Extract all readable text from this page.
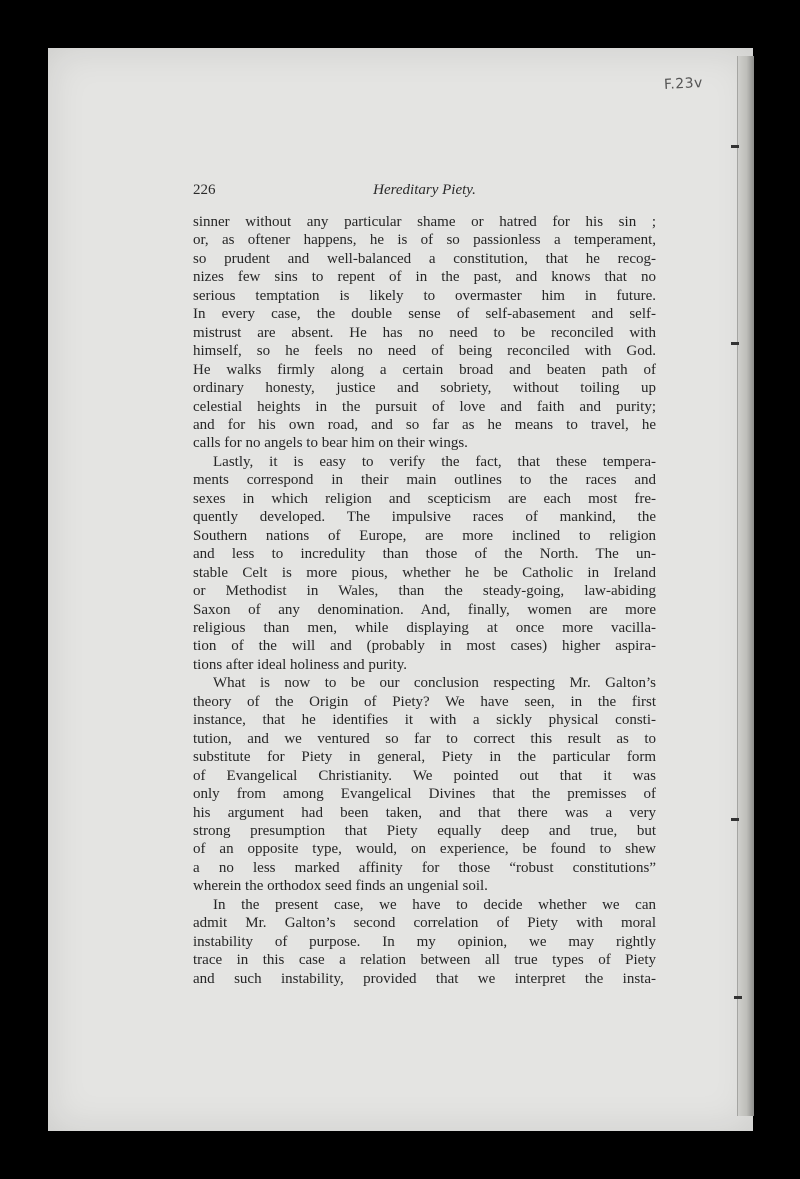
F.23v
226	Hereditary Piety.
sinner without any particular shame or hatred for his sin ;
or, as oftener happens, he is of so passionless a temperament,
so prudent and well-balanced a constitution, that he recog-
nizes few sins to repent of in the past, and knows that no
serious temptation is likely to overmaster him in future.
In every case, the double sense of self-abasement and self-
mistrust are absent. He has no need to be reconciled with
himself, so he feels no need of being reconciled with God.
He walks firmly along a certain broad and beaten path of
ordinary honesty, justice and sobriety, without toiling up
celestial heights in the pursuit of love and faith and purity;
and for his own road, and so far as he means to travel, he
calls for no angels to bear him on their wings.
Lastly, it is easy to verify the fact, that these tempera-
ments correspond in their main outlines to the races and
sexes in which religion and scepticism are each most fre-
quently developed. The impulsive races of mankind, the
Southern nations of Europe, are more inclined to religion
and less to incredulity than those of the North. The un-
stable Celt is more pious, whether he be Catholic in Ireland
or Methodist in Wales, than the steady-going, law-abiding
Saxon of any denomination. And, finally, women are more
religious than men, while displaying at once more vacilla-
tion of the will and (probably in most cases) higher aspira-
tions after ideal holiness and purity.
What is now to be our conclusion respecting Mr. Galton’s
theory of the Origin of Piety? We have seen, in the first
instance, that he identifies it with a sickly physical consti-
tution, and we ventured so far to correct this result as to
substitute for Piety in general, Piety in the particular form
of Evangelical Christianity. We pointed out that it was
only from among Evangelical Divines that the premisses of
his argument had been taken, and that there was a very
strong presumption that Piety equally deep and true, but
of an opposite type, would, on experience, be found to shew
a no less marked affinity for those “robust constitutions”
wherein the orthodox seed finds an ungenial soil.
In the present case, we have to decide whether we can
admit Mr. Galton’s second correlation of Piety with moral
instability of purpose. In my opinion, we may rightly
trace in this case a relation between all true types of Piety
and such instability, provided that we interpret the insta-
